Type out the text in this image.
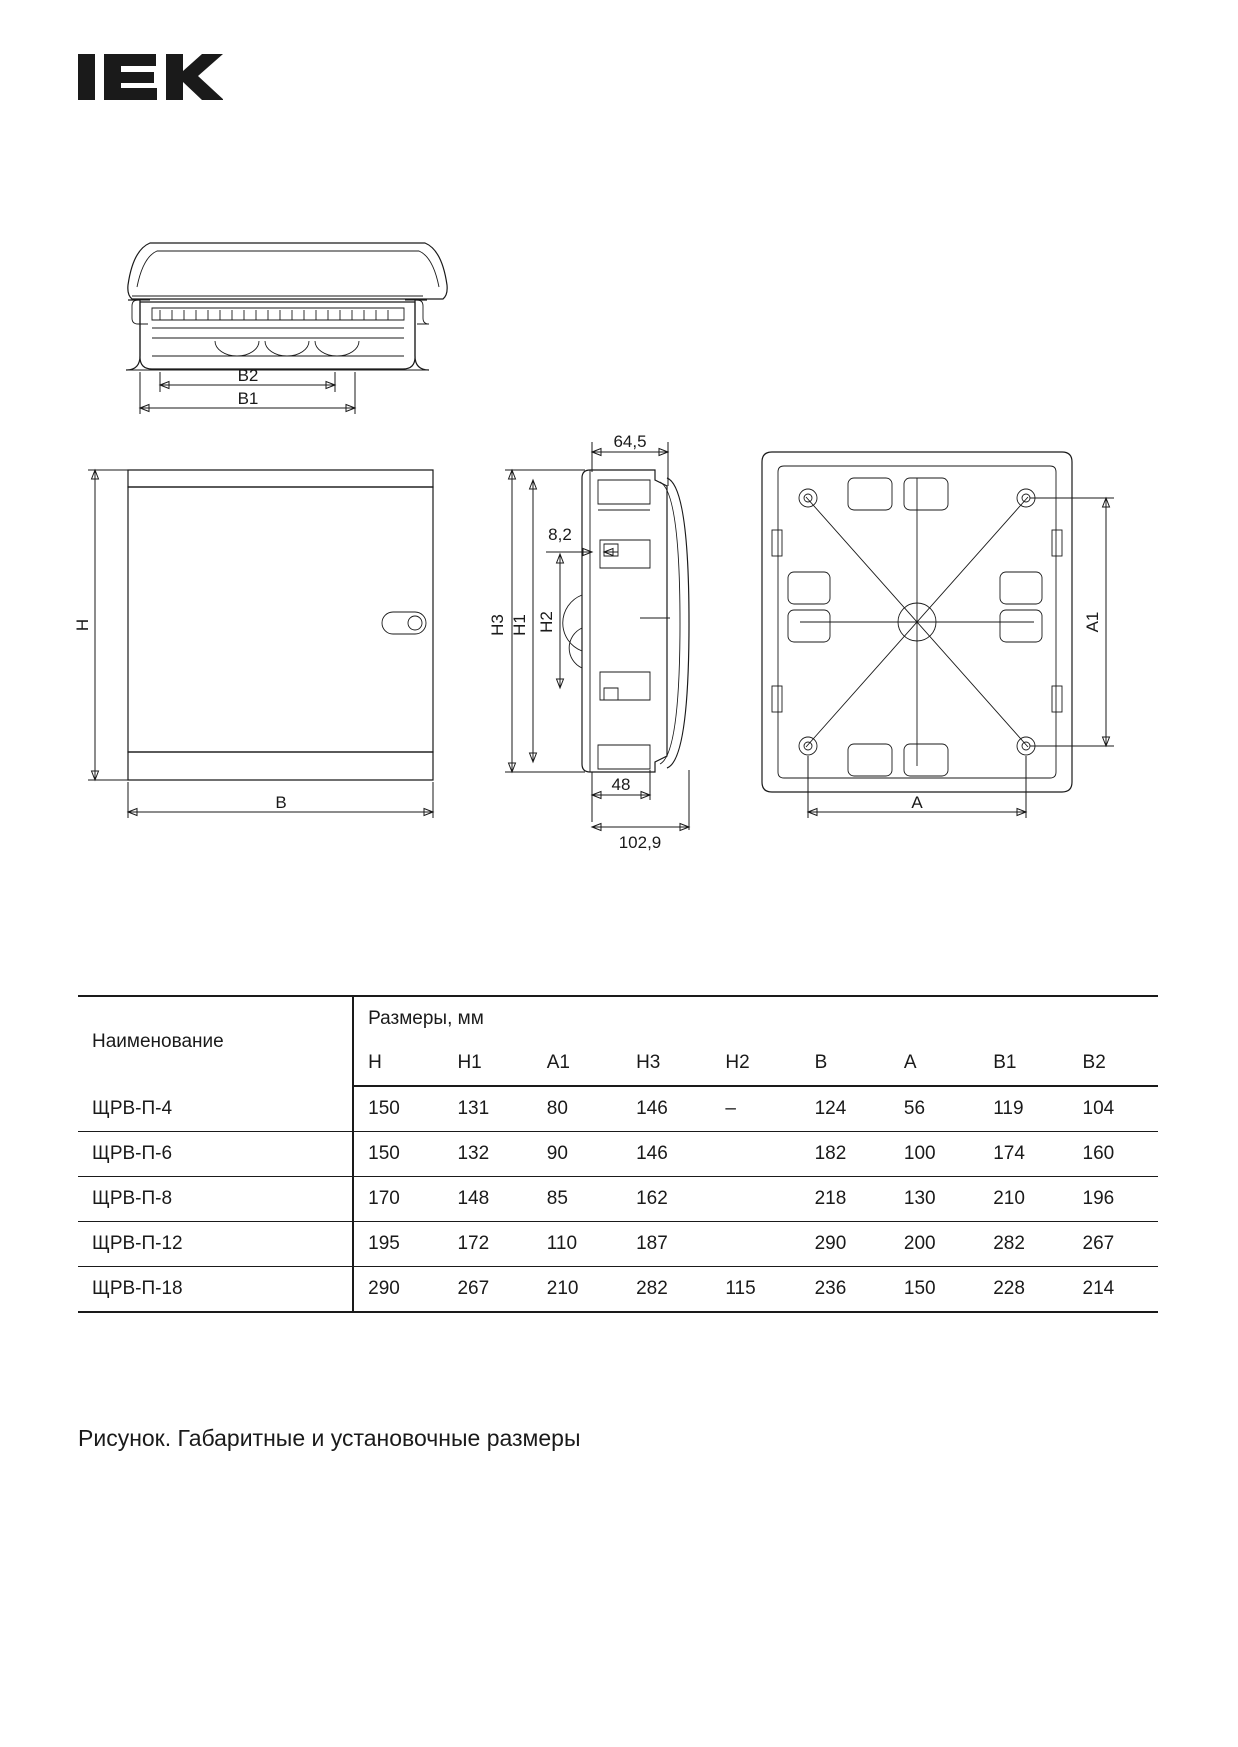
B2
B1
H
B
64,5
8,2
H3 H1 H2
48
102,9
A1
A
Наименование	Размеры, мм								
	H	H1	A1	H3	H2	B	A	B1	B2
ЩРВ-П-4	150	131	80	146	–	124	56	119	104
ЩРВ-П-6	150	132	90	146		182	100	174	160
ЩРВ-П-8	170	148	85	162		218	130	210	196
ЩРВ-П-12	195	172	110	187		290	200	282	267
ЩРВ-П-18	290	267	210	282	115	236	150	228	214
Рисунок. Габаритные и установочные размеры
